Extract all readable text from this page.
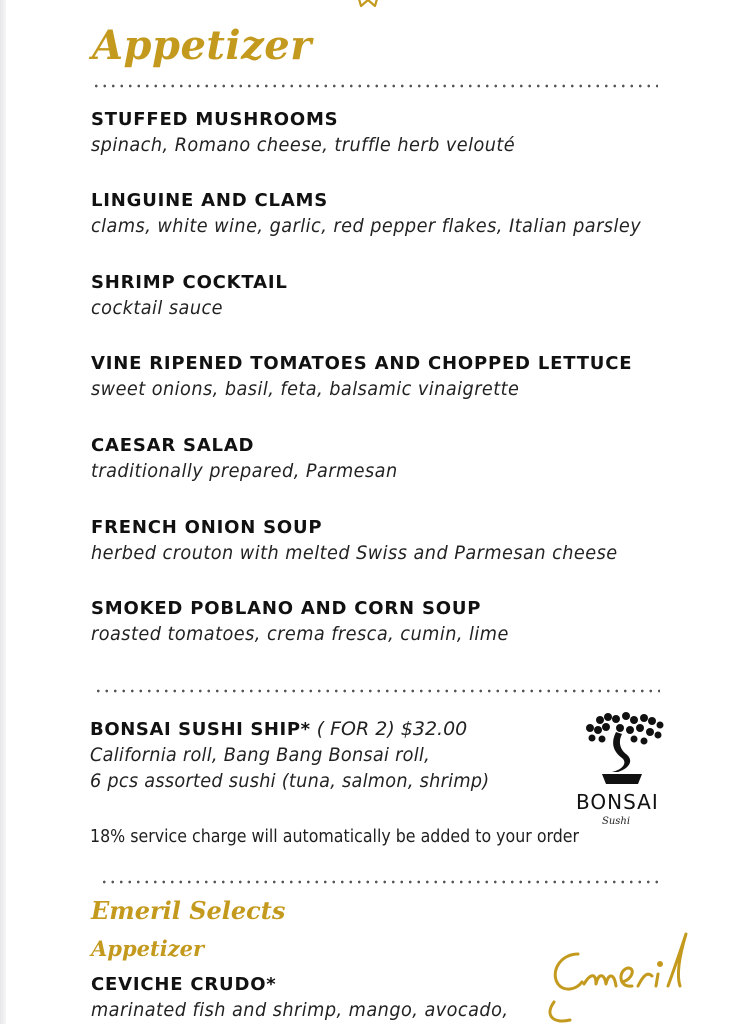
Appetizer
STUFFED MUSHROOMS
spinach, Romano cheese, truffle herb velouté
LINGUINE AND CLAMS
clams, white wine, garlic, red pepper flakes, Italian parsley
SHRIMP COCKTAIL
cocktail sauce
VINE RIPENED TOMATOES AND CHOPPED LETTUCE
sweet onions, basil, feta, balsamic vinaigrette
CAESAR SALAD
traditionally prepared, Parmesan
FRENCH ONION SOUP
herbed crouton with melted Swiss and Parmesan cheese
SMOKED POBLANO AND CORN SOUP
roasted tomatoes, crema fresca, cumin, lime
BONSAI SUSHI SHIP* ( FOR 2) $32.00
California roll, Bang Bang Bonsai roll,
6 pcs assorted sushi (tuna, salmon, shrimp)
BONSAI
Sushi
18% service charge will automatically be added to your order
Emeril Selects
Appetizer
CEVICHE CRUDO*
marinated fish and shrimp, mango, avocado,
